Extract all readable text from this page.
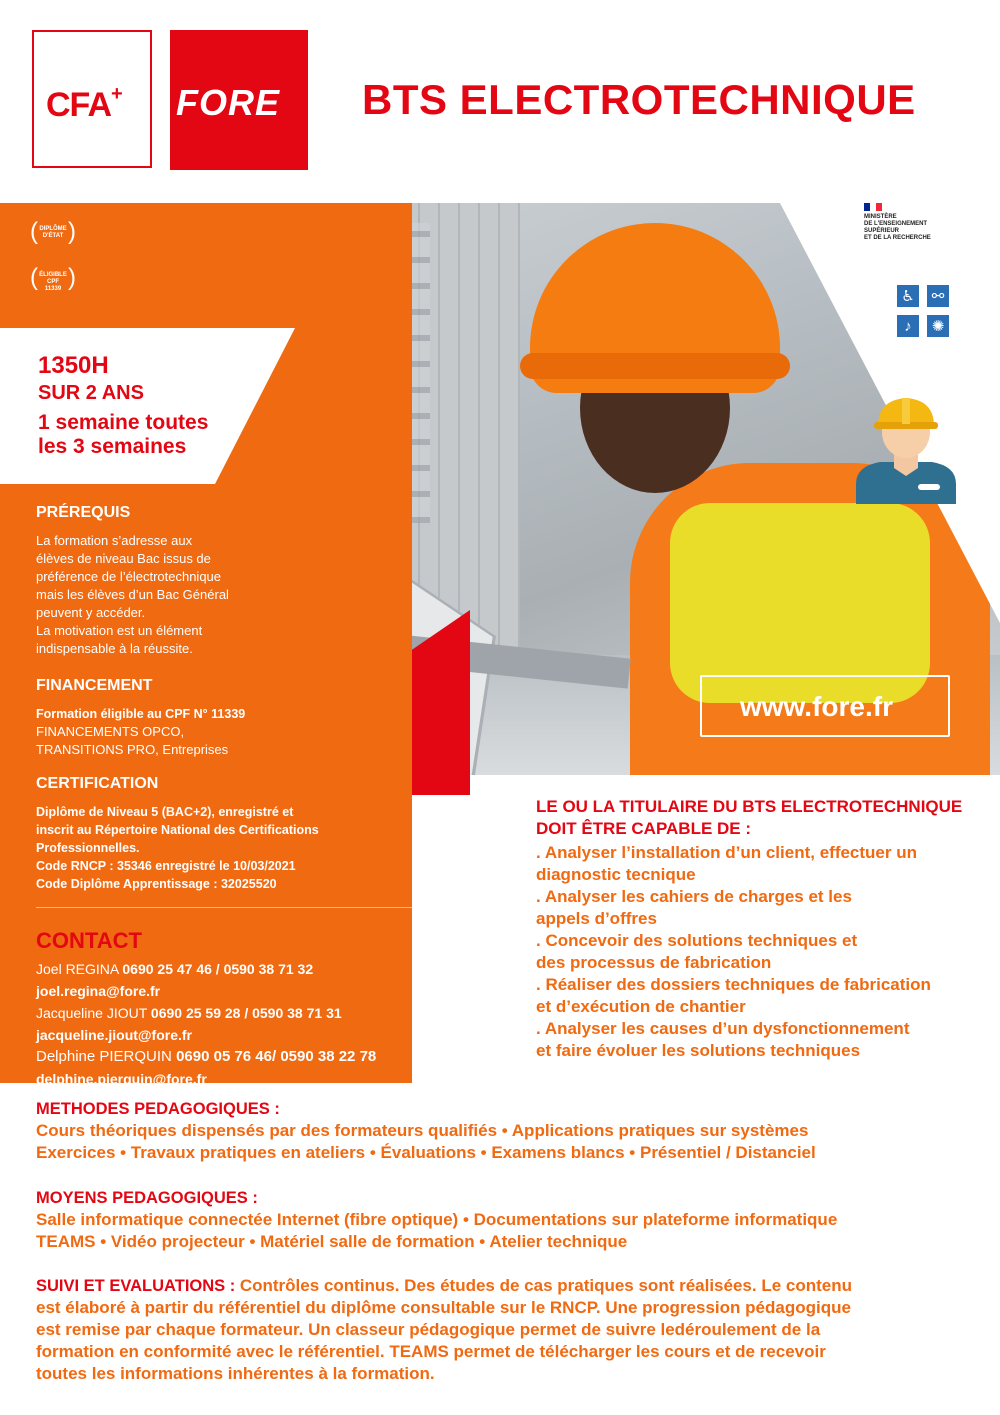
CFA+ FORE BTS ELECTROTECHNIQUE
www.fore.fr

MINISTÈRE

DE L'ENSEIGNEMENT

SUPÉRIEUR

ET DE LA RECHERCHE

♿	⚯
♪	✺
( DIPLÔME D'ÉTAT )
( ÉLIGIBLE CPF 11339 )
1350H
SUR 2 ANS
1 semaine toutes
les 3 semaines
PRÉREQUIS

La formation s’adresse aux

élèves de niveau Bac issus de

préférence de l’électrotechnique

mais les élèves d’un Bac Général

peuvent y accéder.

La motivation est un élément

indispensable à la réussite.

FINANCEMENT

Formation éligible au CPF N° 11339

FINANCEMENTS OPCO,

TRANSITIONS PRO, Entreprises

CERTIFICATION

Diplôme de Niveau 5 (BAC+2), enregistré et

inscrit au Répertoire National des Certifications

Professionnelles.

Code RNCP : 35346 enregistré le 10/03/2021

Code Diplôme Apprentissage : 32025520

CONTACT
Joel REGINA 0690 25 47 46 / 0590 38 71 32
joel.regina@fore.fr
Jacqueline JIOUT 0690 25 59 28 / 0590 38 71 31
jacqueline.jiout@fore.fr
Delphine PIERQUIN 0690 05 76 46/ 0590 38 22 78
delphine.pierquin@fore.fr
LE OU LA TITULAIRE DU BTS ELECTROTECHNIQUE
DOIT ÊTRE CAPABLE DE :
. Analyser l’installation d’un client, effectuer un
diagnostic tecnique
. Analyser les cahiers de charges et les
appels d’offres
. Concevoir des solutions techniques et
des processus de fabrication
. Réaliser des dossiers techniques de fabrication
et d’exécution de chantier
. Analyser les causes d’un dysfonctionnement
et faire évoluer les solutions techniques
METHODES PEDAGOGIQUES :
Cours théoriques dispensés par des formateurs qualifiés • Applications pratiques sur systèmes
Exercices • Travaux pratiques en ateliers • Évaluations • Examens blancs • Présentiel / Distanciel
MOYENS PEDAGOGIQUES :
Salle informatique connectée Internet (fibre optique) • Documentations sur plateforme informatique
TEAMS • Vidéo projecteur • Matériel salle de formation • Atelier technique
SUIVI ET EVALUATIONS : Contrôles continus. Des études de cas pratiques sont réalisées. Le contenu
est élaboré à partir du référentiel du diplôme consultable sur le RNCP. Une progression pédagogique
est remise par chaque formateur. Un classeur pédagogique permet de suivre ledéroulement de la
formation en conformité avec le référentiel. TEAMS permet de télécharger les cours et de recevoir
toutes les informations inhérentes à la formation.
